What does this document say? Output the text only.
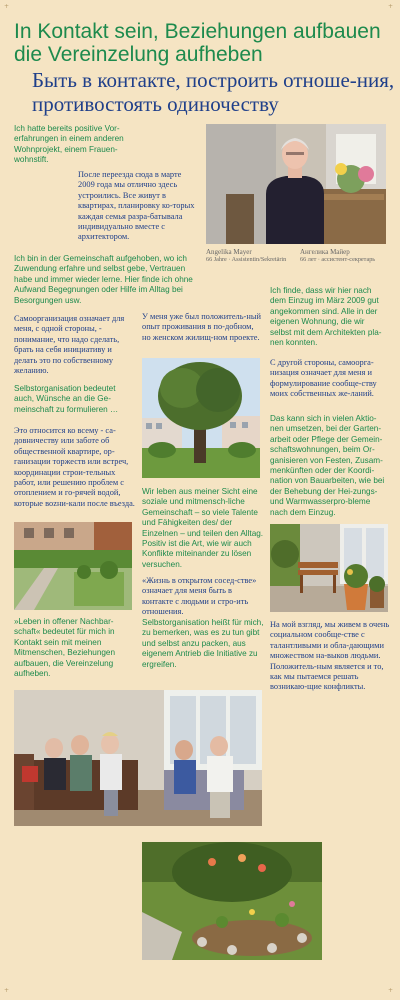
+	+
+	+
In Kontakt sein, Beziehungen aufbauen die Vereinzelung aufheben
Быть в контакте, построить отноше-ния, противостоять одиночеству

Ich hatte bereits positive Vor-erfahrungen in einem anderen Wohnprojekt, einem Frauen-wohnstift.

После переезда сюда в марте 2009 года мы отлично здесь устроились. Все живут в квартирах, планировку ко-торых каждая семья разра-батывала индивидуально вместе с архитектором.

Ich bin in der Gemeinschaft aufgehoben, wo ich Zuwendung erfahre und selbst gebe, Vertrauen habe und immer wieder lerne. Hier finde ich ohne Aufwand Begegnungen oder Hilfe im Alltag bei Besorgungen usw.

Angelika Mayer
66 Jahre · Assistentin/Sekretärin
Ангелика Майер
66 лет · ассистент-секретарь

Ich finde, dass wir hier nach dem Einzug im März 2009 gut angekommen sind. Alle in der eigenen Wohnung, die wir selbst mit dem Architekten pla-nen konnten.

Самоорганизация означает для меня, с одной стороны, - понимание, что надо сделать, брать на себя инициативу и делать это по собственному желанию.

У меня уже был положитель-ный опыт проживания в по-добном, но женском жилищ-ном проекте.

С другой стороны, самоорга-низация означает для меня и формулирование сообще-ству моих собственных же-ланий.

Selbstorganisation bedeutet auch, Wünsche an die Ge-meinschaft zu formulieren …

Das kann sich in vielen Aktio-nen umsetzen, bei der Garten-arbeit oder Pflege der Gemein-schaftswohnungen, beim Or-ganisieren von Festen, Zusam-menkünften oder der Koordi-nation von Bauarbeiten, wie bei der Behebung der Hei-zungs- und Warmwasserpro-bleme nach dem Einzug.

Это относится ко всему - са-довничеству или заботе об общественной квартире, ор-ганизации торжеств или встреч, координации строи-тельных работ, или решению проблем с отоплением и го-рячей водой, которые вozни-кали после въезда.

Wir leben aus meiner Sicht eine soziale und mitmensch-liche Gemeinschaft – so viele Talente und Fähigkeiten des/ der Einzelnen – und teilen den Alltag. Positiv ist die Art, wie wir auch Konflikte miteinander zu lösen versuchen.

«Жизнь в открытом сосед-стве» означает для меня быть в контакте с людьми и стро-ить отношения.

»Leben in offener Nachbar-schaft« bedeutet für mich in Kontakt sein mit meinen Mitmenschen, Beziehungen aufbauen, die Vereinzelung aufheben.

Selbstorganisation heißt für mich, zu bemerken, was es zu tun gibt und selbst anzu packen, aus eigenem Antrieb die Initiative zu ergreifen.

На мой взгляд, мы живем в очень социальном сообще-стве с талантливыми и обла-дающими множеством на-выков людьми. Положитель-ным является и то, как мы пытаемся решать возникаю-щие конфликты.
